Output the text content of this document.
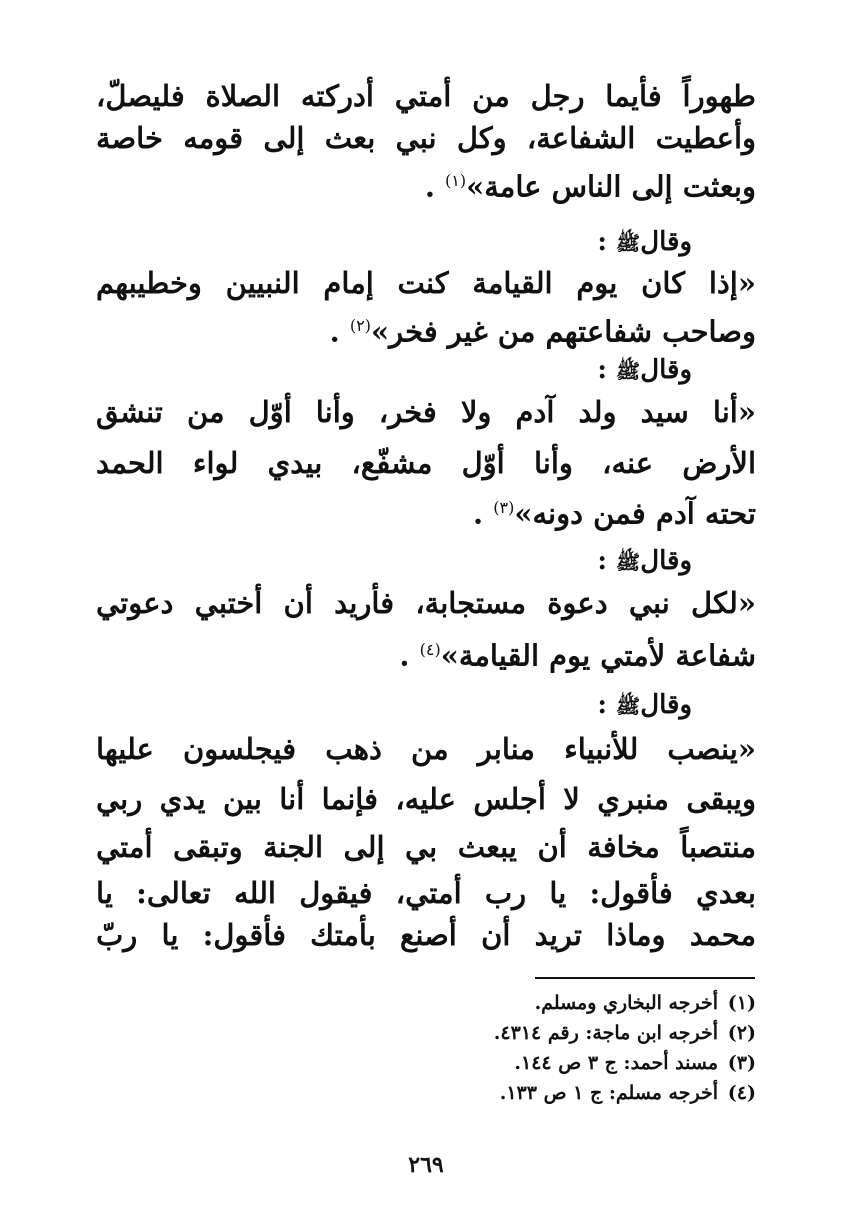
طهوراً فأيما رجل من أمتي أدركته الصلاة فليصلّ،
وأعطيت الشفاعة، وكل نبي بعث إلى قومه خاصة
وبعثت إلى الناس عامة»$^{(١)}$ .
وقالﷺ :
«إذا كان يوم القيامة كنت إمام النبيين وخطيبهم
وصاحب شفاعتهم من غير فخر»$^{(٢)}$ .
وقالﷺ :
«أنا سيد ولد آدم ولا فخر، وأنا أوّل من تنشق
الأرض عنه، وأنا أوّل مشفّع، بيدي لواء الحمد
تحته آدم فمن دونه»$^{(٣)}$ .
وقالﷺ :
«لكل نبي دعوة مستجابة، فأريد أن أختبي دعوتي
شفاعة لأمتي يوم القيامة»$^{(٤)}$ .
وقالﷺ :
«ينصب للأنبياء منابر من ذهب فيجلسون عليها
ويبقى منبري لا أجلس عليه، فإنما أنا بين يدي ربي
منتصباً مخافة أن يبعث بي إلى الجنة وتبقى أمتي
بعدي فأقول: يا رب أمتي، فيقول الله تعالى: يا
محمد وماذا تريد أن أصنع بأمتك فأقول: يا ربّ
(١)أخرجه البخاري ومسلم.
(٢)أخرجه ابن ماجة: رقم ٤٣١٤.
(٣)مسند أحمد: ج ٣ ص ١٤٤.
(٤)أخرجه مسلم: ج ١ ص ١٣٣.
٢٦٩
